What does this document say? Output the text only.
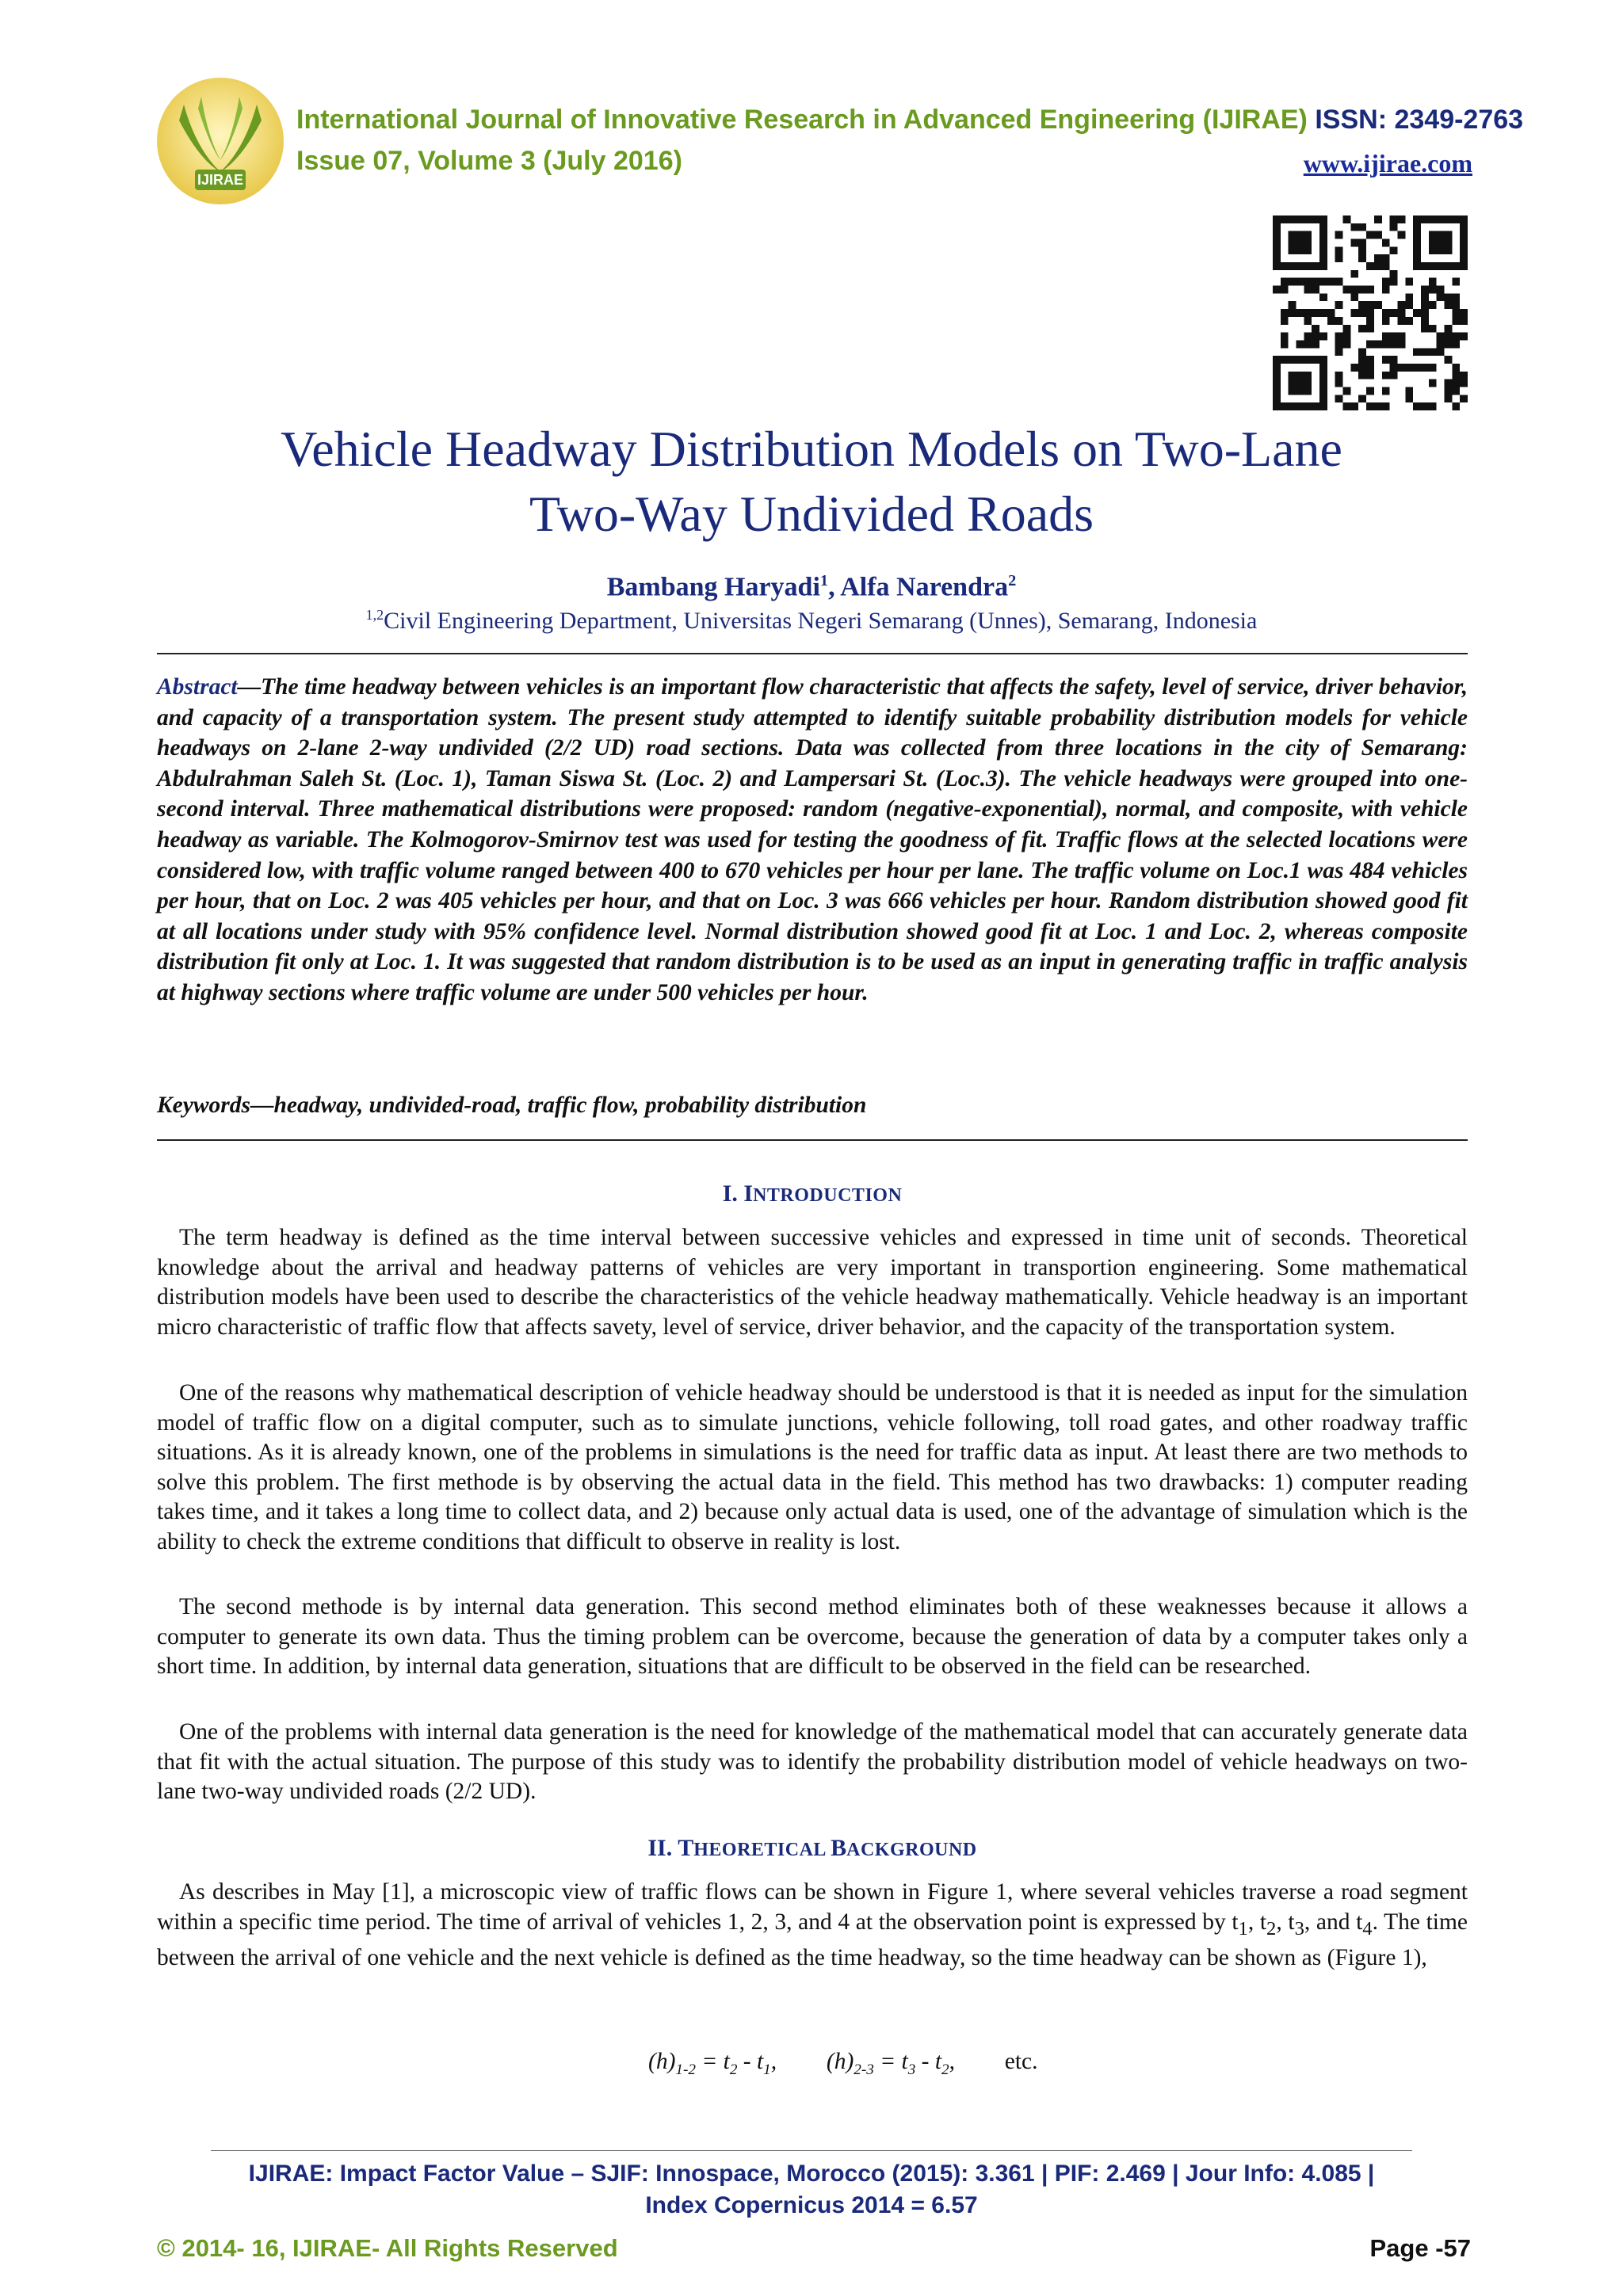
IJIRAE
International Journal of Innovative Research in Advanced Engineering (IJIRAE) ISSN: 2349-2763
Issue 07, Volume 3 (July 2016)	www.ijirae.com
Vehicle Headway Distribution Models on Two-Lane
Two-Way Undivided Roads
Bambang Haryadi$^1$, Alfa Narendra$^2$
$^{1,2}$Civil Engineering Department, Universitas Negeri Semarang (Unnes), Semarang, Indonesia
Abstract—The time headway between vehicles is an important flow characteristic that affects the safety, level of service, driver behavior, and capacity of a transportation system. The present study attempted to identify suitable probability distribution models for vehicle headways on 2-lane 2-way undivided (2/2 UD) road sections. Data was collected from three locations in the city of Semarang: Abdulrahman Saleh St. (Loc. 1), Taman Siswa St. (Loc. 2) and Lampersari St. (Loc.3). The vehicle headways were grouped into one-second interval. Three mathematical distributions were proposed: random (negative-exponential), normal, and composite, with vehicle headway as variable. The Kolmogorov-Smirnov test was used for testing the goodness of fit. Traffic flows at the selected locations were considered low, with traffic volume ranged between 400 to 670 vehicles per hour per lane. The traffic volume on Loc.1 was 484 vehicles per hour, that on Loc. 2 was 405 vehicles per hour, and that on Loc. 3 was 666 vehicles per hour. Random distribution showed good fit at all locations under study with 95% confidence level. Normal distribution showed good fit at Loc. 1 and Loc. 2, whereas composite distribution fit only at Loc. 1. It was suggested that random distribution is to be used as an input in generating traffic in traffic analysis at highway sections where traffic volume are under 500 vehicles per hour.
Keywords—headway, undivided-road, traffic flow, probability distribution
I. INTRODUCTION
The term headway is defined as the time interval between successive vehicles and expressed in time unit of seconds. Theoretical knowledge about the arrival and headway patterns of vehicles are very important in transportion engineering. Some mathematical distribution models have been used to describe the characteristics of the vehicle headway mathematically. Vehicle headway is an important micro characteristic of traffic flow that affects savety, level of service, driver behavior, and the capacity of the transportation system.
One of the reasons why mathematical description of vehicle headway should be understood is that it is needed as input for the simulation model of traffic flow on a digital computer, such as to simulate junctions, vehicle following, toll road gates, and other roadway traffic situations. As it is already known, one of the problems in simulations is the need for traffic data as input. At least there are two methods to solve this problem. The first methode is by observing the actual data in the field. This method has two drawbacks: 1) computer reading takes time, and it takes a long time to collect data, and 2) because only actual data is used, one of the advantage of simulation which is the ability to check the extreme conditions that difficult to observe in reality is lost.
The second methode is by internal data generation. This second method eliminates both of these weaknesses because it allows a computer to generate its own data. Thus the timing problem can be overcome, because the generation of data by a computer takes only a short time. In addition, by internal data generation, situations that are difficult to be observed in the field can be researched.
One of the problems with internal data generation is the need for knowledge of the mathematical model that can accurately generate data that fit with the actual situation. The purpose of this study was to identify the probability distribution model of vehicle headways on two-lane two-way undivided roads (2/2 UD).
II. THEORETICAL BACKGROUND
As describes in May [1], a microscopic view of traffic flows can be shown in Figure 1, where several vehicles traverse a road segment within a specific time period. The time of arrival of vehicles 1, 2, 3, and 4 at the observation point is expressed by $t_1$, $t_2$, $t_3$, and $t_4$. The time between the arrival of one vehicle and the next vehicle is defined as the time headway, so the time headway can be shown as (Figure 1),
$(h)_{1-2} = t_2 - t_1$, $(h)_{2-3} = t_3 - t_2$, etc.
IJIRAE: Impact Factor Value – SJIF: Innospace, Morocco (2015): 3.361 | PIF: 2.469 | Jour Info: 4.085 |
Index Copernicus 2014 = 6.57
© 2014- 16, IJIRAE- All Rights Reserved	Page -57
